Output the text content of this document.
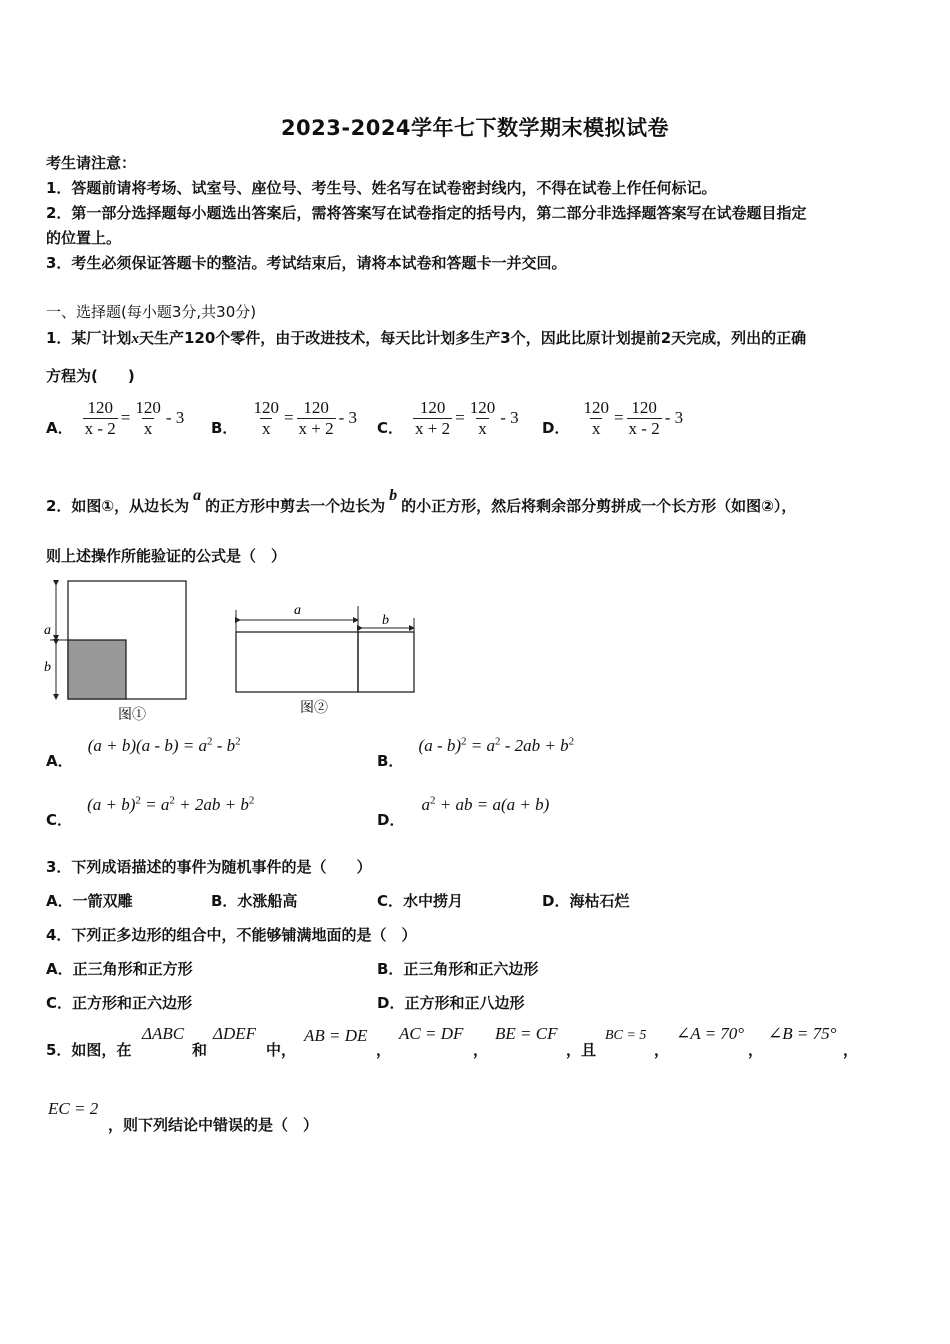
2023-2024学年七下数学期末模拟试卷
考生请注意：
1．答题前请将考场、试室号、座位号、考生号、姓名写在试卷密封线内，不得在试卷上作任何标记。
2．第一部分选择题每小题选出答案后，需将答案写在试卷指定的括号内，第二部分非选择题答案写在试卷题目指定
的位置上。
3．考生必须保证答题卡的整洁。考试结束后，请将本试卷和答题卡一并交回。
一、选择题(每小题3分,共30分)
1．某厂计划x天生产120个零件，由于改进技术，每天比计划多生产3个，因此比原计划提前2天完成，列出的正确
方程为(　　)
A． $\frac{120}{x - 2} = \frac{120}{x} - 3$
B． $\frac{120}{x} = \frac{120}{x + 2} - 3$
C． $\frac{120}{x + 2} = \frac{120}{x} - 3$
D． $\frac{120}{x} = \frac{120}{x - 2} - 3$
2．如图①，从边长为a的正方形中剪去一个边长为b的小正方形，然后将剩余部分剪拼成一个长方形（如图②），
则上述操作所能验证的公式是（　）
a
b
图①
a
b
图②
A． $(a + b)(a - b) = a^2 - b^2$
B． $(a - b)^2 = a^2 - 2ab + b^2$
C． $(a + b)^2 = a^2 + 2ab + b^2$
D． $a^2$ + ab = a(a + b)
3．下列成语描述的事件为随机事件的是（　　）
A．一箭双雕	B．水涨船高	C．水中捞月	D．海枯石烂
4．下列正多边形的组合中，不能够铺满地面的是（　）
A．正三角形和正方形	B．正三角形和正六边形
C．正方形和正六边形	D．正方形和正八边形
5．如图，在
ΔABC
和
ΔDEF
中，
AB = DE
，
AC = DF
，
BE = CF
，且
BC = 5
，
∠A = 70°
，
∠B = 75°
，
EC = 2
，则下列结论中错误的是（　）
